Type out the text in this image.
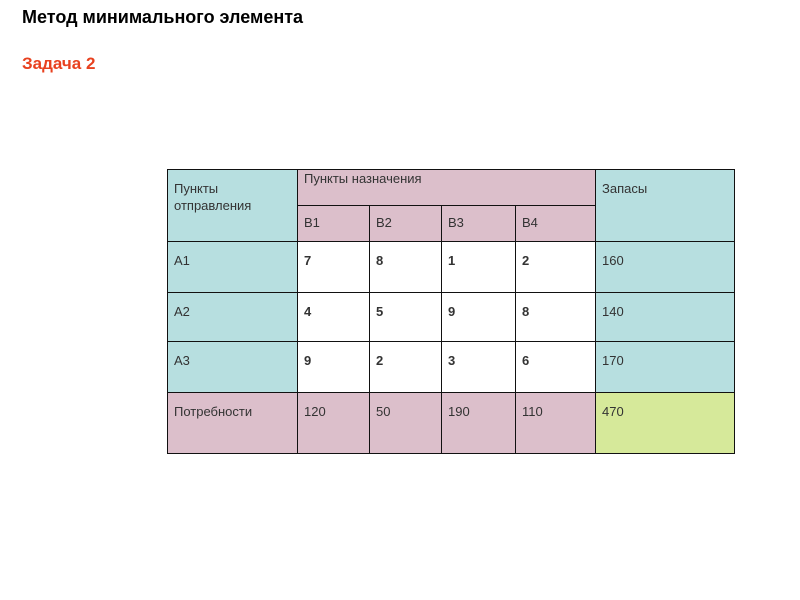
Метод минимального элемента
Задача 2
Пункты отправления	Пункты назначения				Запасы
	B1	B2	B3	B4	
A1	7	8	1	2	160
A2	4	5	9	8	140
A3	9	2	3	6	170
Потребности	120	50	190	110	470
